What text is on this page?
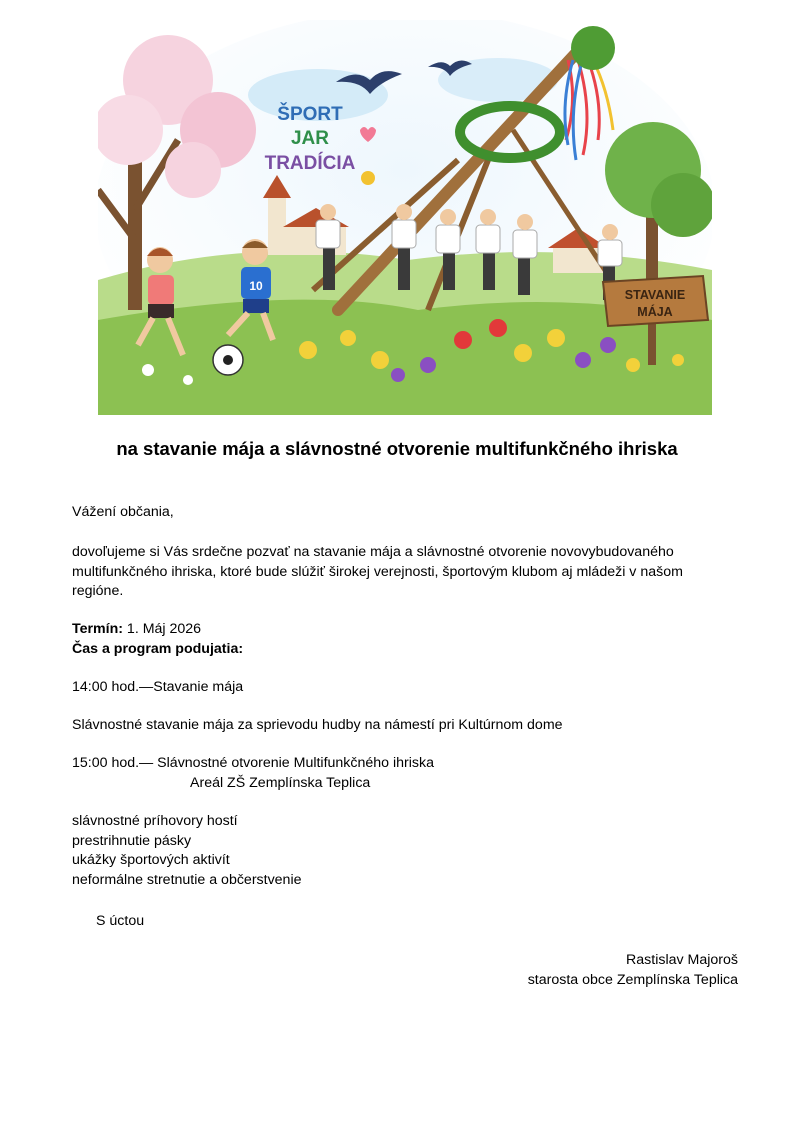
10
ŠPORT
JAR
TRADÍCIA
STAVANIE
MÁJA
na stavanie mája a slávnostné otvorenie multifunkčného ihriska

Vážení občania,

dovoľujeme si Vás srdečne pozvať na stavanie mája a slávnostné otvorenie novovybudovaného
multifunkčného ihriska, ktoré bude slúžiť širokej verejnosti, športovým klubom aj mládeži v našom
regióne.

Termín: 1. Máj 2026

Čas a program podujatia:

14:00 hod.—Stavanie mája

Slávnostné stavanie mája za sprievodu hudby na námestí pri Kultúrnom dome

15:00 hod.— Slávnostné otvorenie Multifunkčného ihriska

Areál ZŠ Zemplínska Teplica

slávnostné príhovory hostí
prestrihnutie pásky
ukážky športových aktivít
neformálne stretnutie a občerstvenie

S úctou

Rastislav Majoroš
starosta obce Zemplínska Teplica
